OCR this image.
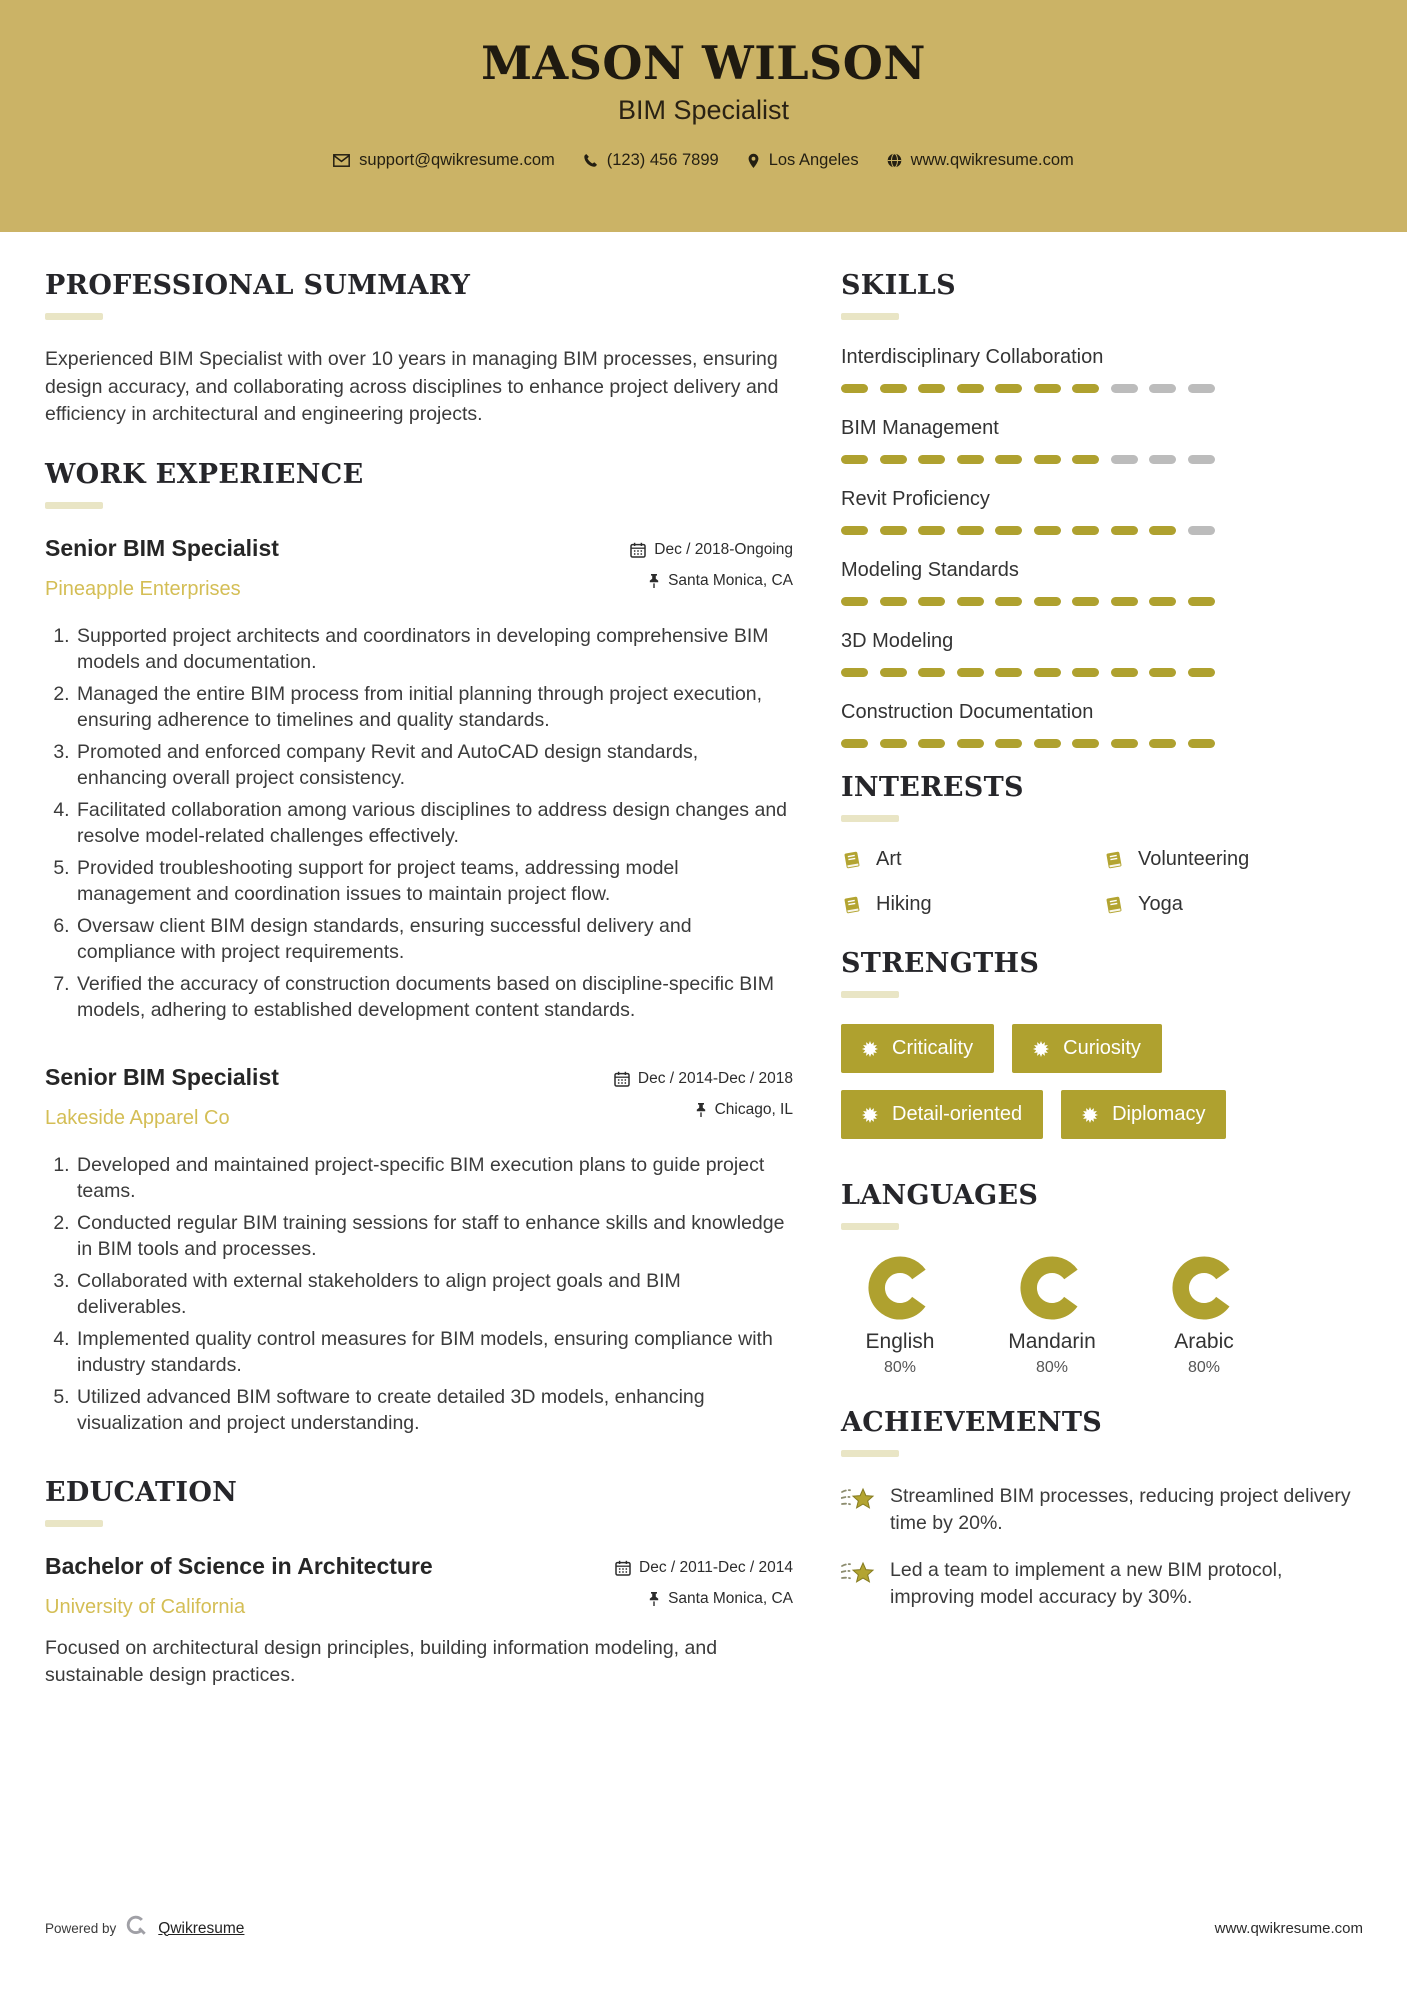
MASON WILSON
BIM Specialist
support@qwikresume.com	(123) 456 7899	Los Angeles	www.qwikresume.com
PROFESSIONAL SUMMARY

Experienced BIM Specialist with over 10 years in managing BIM processes, ensuring design accuracy, and collaborating across disciplines to enhance project delivery and efficiency in architectural and engineering projects.

WORK EXPERIENCE
Senior BIM Specialist
Pineapple Enterprises
Dec / 2018-Ongoing
Santa Monica, CA
1. Supported project architects and coordinators in developing comprehensive BIM models and documentation.
2. Managed the entire BIM process from initial planning through project execution, ensuring adherence to timelines and quality standards.
3. Promoted and enforced company Revit and AutoCAD design standards, enhancing overall project consistency.
4. Facilitated collaboration among various disciplines to address design changes and resolve model-related challenges effectively.
5. Provided troubleshooting support for project teams, addressing model management and coordination issues to maintain project flow.
6. Oversaw client BIM design standards, ensuring successful delivery and compliance with project requirements.
7. Verified the accuracy of construction documents based on discipline-specific BIM models, adhering to established development content standards.
Senior BIM Specialist
Lakeside Apparel Co
Dec / 2014-Dec / 2018
Chicago, IL
1. Developed and maintained project-specific BIM execution plans to guide project teams.
2. Conducted regular BIM training sessions for staff to enhance skills and knowledge in BIM tools and processes.
3. Collaborated with external stakeholders to align project goals and BIM deliverables.
4. Implemented quality control measures for BIM models, ensuring compliance with industry standards.
5. Utilized advanced BIM software to create detailed 3D models, enhancing visualization and project understanding.
EDUCATION
Bachelor of Science in Architecture
University of California
Dec / 2011-Dec / 2014
Santa Monica, CA

Focused on architectural design principles, building information modeling, and sustainable design practices.

SKILLS
Interdisciplinary Collaboration
BIM Management
Revit Proficiency
Modeling Standards
3D Modeling
Construction Documentation
INTERESTS
Art	Volunteering
Hiking	Yoga
STRENGTHS
Criticality	Curiosity

Detail-oriented	Diplomacy
LANGUAGES
English
80%
Mandarin
80%
Arabic
80%
ACHIEVEMENTS
Streamlined BIM processes, reducing project delivery time by 20%.
Led a team to implement a new BIM protocol, improving model accuracy by 30%.
Powered by	Qwikresume	www.qwikresume.com
